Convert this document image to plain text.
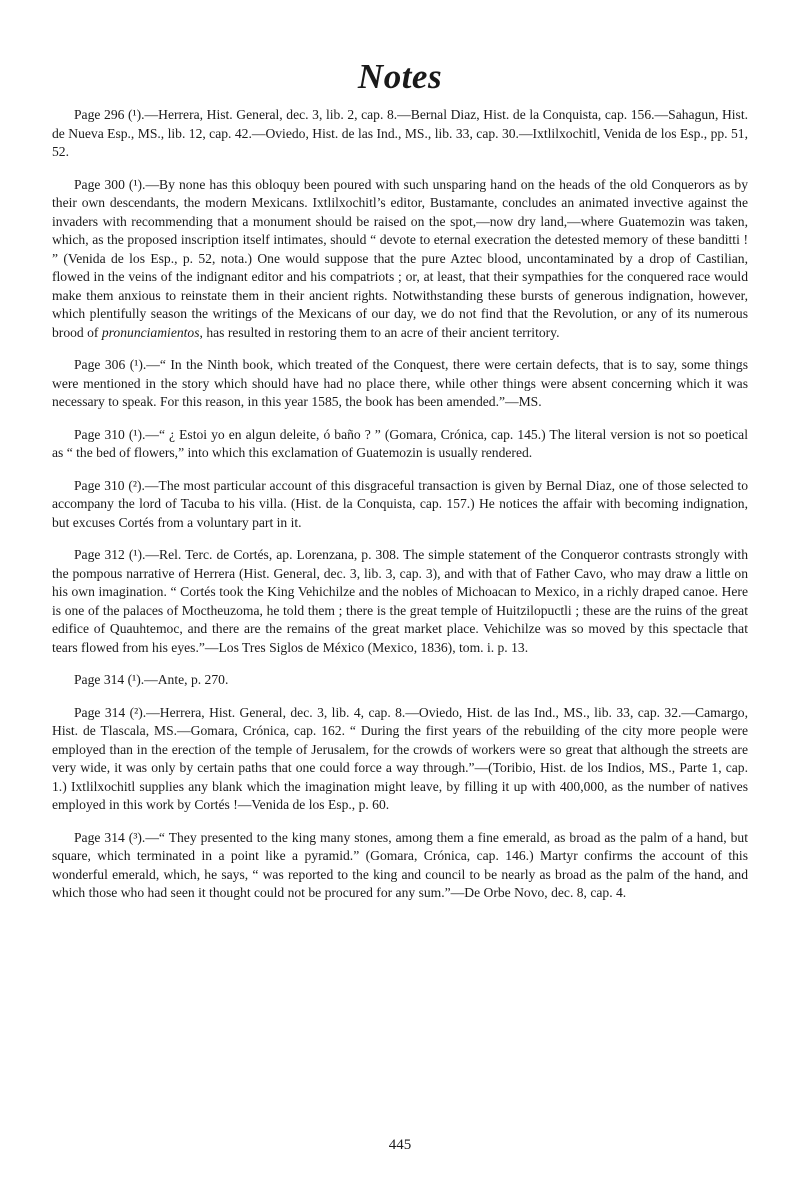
Notes

Page 296 (¹).—Herrera, Hist. General, dec. 3, lib. 2, cap. 8.—Bernal Diaz, Hist. de la Conquista, cap. 156.—Sahagun, Hist. de Nueva Esp., MS., lib. 12, cap. 42.—Oviedo, Hist. de las Ind., MS., lib. 33, cap. 30.—Ixtlilxochitl, Venida de los Esp., pp. 51, 52.

Page 300 (¹).—By none has this obloquy been poured with such unsparing hand on the heads of the old Conquerors as by their own descendants, the modern Mexicans. Ixtlilxochitl’s editor, Bustamante, concludes an animated invective against the invaders with recommending that a monument should be raised on the spot,—now dry land,—where Guatemozin was taken, which, as the proposed inscription itself intimates, should “ devote to eternal execration the detested memory of these banditti ! ” (Venida de los Esp., p. 52, nota.) One would suppose that the pure Aztec blood, uncontaminated by a drop of Castilian, flowed in the veins of the indignant editor and his compatriots ; or, at least, that their sympathies for the conquered race would make them anxious to reinstate them in their ancient rights. Notwithstanding these bursts of generous indignation, however, which plentifully season the writings of the Mexicans of our day, we do not find that the Revolution, or any of its numerous brood of pronunciamientos, has resulted in restoring them to an acre of their ancient territory.

Page 306 (¹).—“ In the Ninth book, which treated of the Conquest, there were certain defects, that is to say, some things were mentioned in the story which should have had no place there, while other things were absent concerning which it was necessary to speak. For this reason, in this year 1585, the book has been amended.”—MS.

Page 310 (¹).—“ ¿ Estoi yo en algun deleite, ó baño ? ” (Gomara, Crónica, cap. 145.) The literal version is not so poetical as “ the bed of flowers,” into which this exclamation of Guatemozin is usually rendered.

Page 310 (²).—The most particular account of this disgraceful transaction is given by Bernal Diaz, one of those selected to accompany the lord of Tacuba to his villa. (Hist. de la Conquista, cap. 157.) He notices the affair with becoming indignation, but excuses Cortés from a voluntary part in it.

Page 312 (¹).—Rel. Terc. de Cortés, ap. Lorenzana, p. 308. The simple statement of the Conqueror contrasts strongly with the pompous narrative of Herrera (Hist. General, dec. 3, lib. 3, cap. 3), and with that of Father Cavo, who may draw a little on his own imagination. “ Cortés took the King Vehichilze and the nobles of Michoacan to Mexico, in a richly draped canoe. Here is one of the palaces of Moctheuzoma, he told them ; there is the great temple of Huitzilopuctli ; these are the ruins of the great edifice of Quauhtemoc, and there are the remains of the great market place. Vehichilze was so moved by this spectacle that tears flowed from his eyes.”—Los Tres Siglos de México (Mexico, 1836), tom. i. p. 13.

Page 314 (¹).—Ante, p. 270.

Page 314 (²).—Herrera, Hist. General, dec. 3, lib. 4, cap. 8.—Oviedo, Hist. de las Ind., MS., lib. 33, cap. 32.—Camargo, Hist. de Tlascala, MS.—Gomara, Crónica, cap. 162. “ During the first years of the rebuilding of the city more people were employed than in the erection of the temple of Jerusalem, for the crowds of workers were so great that although the streets are very wide, it was only by certain paths that one could force a way through.”—(Toribio, Hist. de los Indios, MS., Parte 1, cap. 1.) Ixtlilxochitl supplies any blank which the imagination might leave, by filling it up with 400,000, as the number of natives employed in this work by Cortés !—Venida de los Esp., p. 60.

Page 314 (³).—“ They presented to the king many stones, among them a fine emerald, as broad as the palm of a hand, but square, which terminated in a point like a pyramid.” (Gomara, Crónica, cap. 146.) Martyr confirms the account of this wonderful emerald, which, he says, “ was reported to the king and council to be nearly as broad as the palm of the hand, and which those who had seen it thought could not be procured for any sum.”—De Orbe Novo, dec. 8, cap. 4.

445
